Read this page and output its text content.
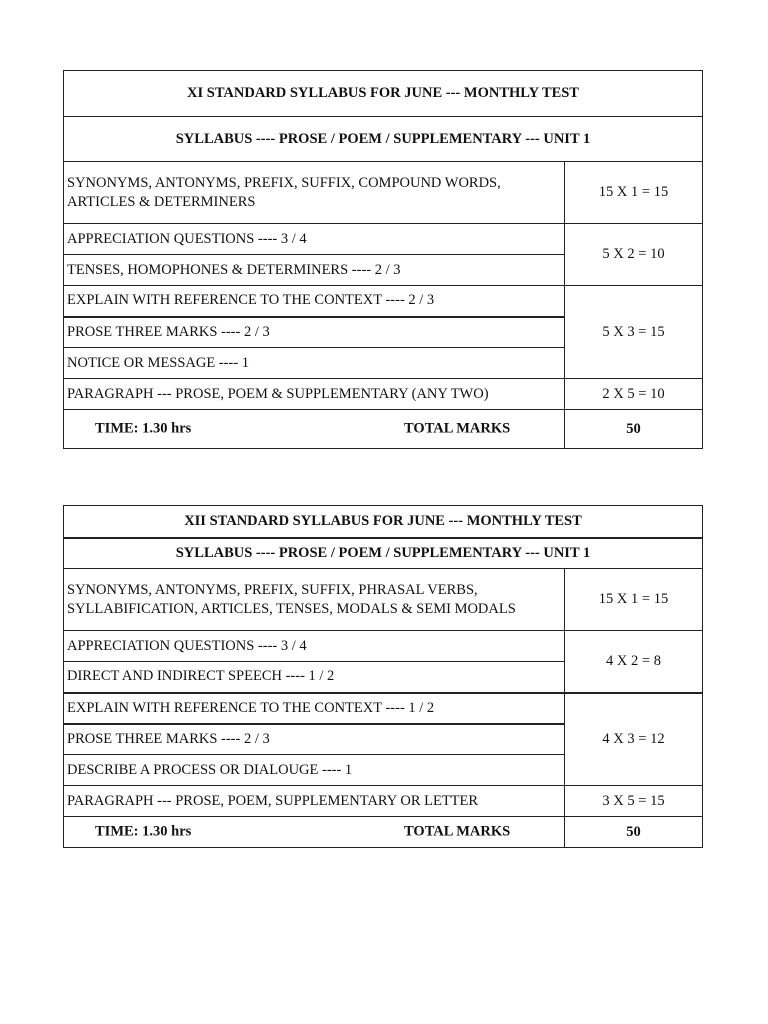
XI STANDARD SYLLABUS FOR JUNE --- MONTHLY TEST	
SYLLABUS ---- PROSE / POEM / SUPPLEMENTARY --- UNIT 1	
SYNONYMS, ANTONYMS, PREFIX, SUFFIX, COMPOUND WORDS,
ARTICLES & DETERMINERS	15 X 1 = 15
APPRECIATION QUESTIONS ---- 3 / 4	5 X 2 = 10
TENSES, HOMOPHONES & DETERMINERS ---- 2 / 3	
EXPLAIN WITH REFERENCE TO THE CONTEXT ---- 2 / 3	5 X 3 = 15
PROSE THREE MARKS ---- 2 / 3	
NOTICE OR MESSAGE ---- 1	
PARAGRAPH --- PROSE, POEM & SUPPLEMENTARY (ANY TWO)	2 X 5 = 10

TIME: 1.30 hrs TOTAL MARKS	50
XII STANDARD SYLLABUS FOR JUNE --- MONTHLY TEST	
SYLLABUS ---- PROSE / POEM / SUPPLEMENTARY --- UNIT 1	
SYNONYMS, ANTONYMS, PREFIX, SUFFIX, PHRASAL VERBS,
SYLLABIFICATION, ARTICLES, TENSES, MODALS & SEMI MODALS	15 X 1 = 15
APPRECIATION QUESTIONS ---- 3 / 4	4 X 2 = 8
DIRECT AND INDIRECT SPEECH ---- 1 / 2	
EXPLAIN WITH REFERENCE TO THE CONTEXT ---- 1 / 2	4 X 3 = 12
PROSE THREE MARKS ---- 2 / 3	
DESCRIBE A PROCESS OR DIALOUGE ---- 1	
PARAGRAPH --- PROSE, POEM, SUPPLEMENTARY OR LETTER	3 X 5 = 15

TIME: 1.30 hrs TOTAL MARKS	50
